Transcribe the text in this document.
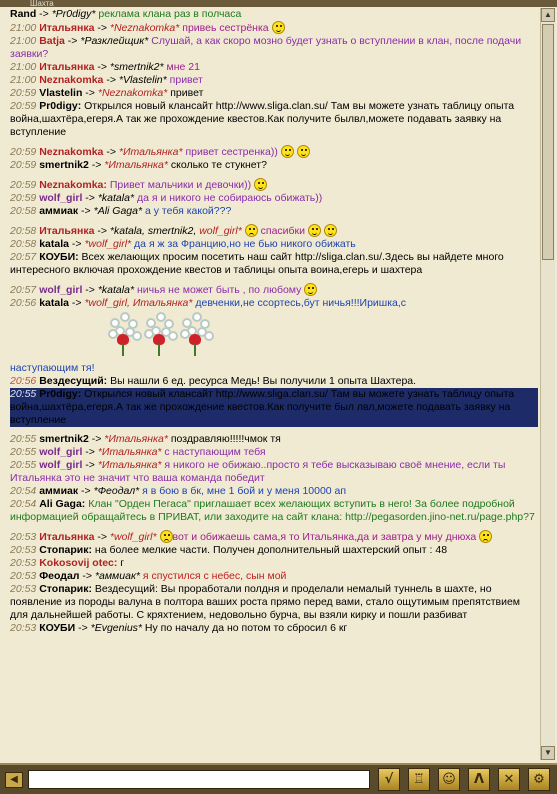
Шахта
Rand -> *Pr0digy* реклама клана раз в полчаса
21:00 Итальянка -> *Neznakomka* привеь сестрёнка
21:00 Batja -> *Разклейщик* Слушай, а как скоро мозно будет узнать о вступлении в клан, после подачи заявки?
21:00 Итальянка -> *smertnik2* мне 21
21:00 Neznakomka -> *Vlastelin* привет
20:59 Vlastelin -> *Neznakomka* привет
20:59 Pr0digy: Открылся новый клансайт http://www.sliga.clan.su/ Там вы можете узнать таблицу опыта война,шахтёра,егеря.А так же прохождение квестов.Как получите былвл,можете подавать заявку на вступление
20:59 Neznakomka -> *Итальянка* привет сестренка))
20:59 smertnik2 -> *Итальянка* сколько те стукнет?
20:59 Neznakomka: Привет мальчики и девочки))
20:59 wolf_girl -> *katala* да я и никого не собираюсь обижать))
20:58 аммиак -> *Ali Gaga* а у тебя какой???
20:58 Итальянка -> *katala, smertnik2, wolf_girl*  спасибки
20:58 katala -> *wolf_girl* да я ж за Францию,но не бью никого обижать
20:57 КОУБИ: Всех желающих просим посетить наш сайт http://sliga.clan.su/.Здесь вы найдете много интересного включая прохождение квестов и таблицы опыта воина,егерь и шахтера
20:57 wolf_girl -> *katala* ничья не может быть , по любому
20:56 katala -> *wolf_girl, Итальянка* девченки,не ссортесь,бут ничья!!!Иришка,с
наступающим тя!
20:56 Вездесущий: Вы нашли 6 ед. ресурса Медь! Вы получили 1 опыта Шахтера.
20:55 Pr0digy: Открылся новый клансайт http://www.sliga.clan.su/ Там вы можете узнать таблицу опыта война,шахтёра,егеря.А так же прохождение квестов.Как получите был лвл,можете подавать заявку на вступление
20:55 smertnik2 -> *Итальянка* поздравляю!!!!!чмок тя
20:55 wolf_girl -> *Итальянка* с наступающим тебя
20:55 wolf_girl -> *Итальянка* я никого не обижаю..просто я тебе высказываю своё мнение, если ты Итальянка это не значит что ваша команда победит
20:54 аммиак -> *Феодал* я в бою в бк, мне 1 бой и у меня 10000 ап
20:54 Ali Gaga: Клан "Орден Пегаса" приглашает всех желающих вступить в него! За более подробной информацией обращайтесь в ПРИВАТ, или заходите на сайт клана: http://pegasorden.jino-net.ru/page.php?7
20:53 Итальянка -> *wolf_girl* вот и обижаешь сама,я то Итальянка,да и завтра у мну днюха
20:53 Стопарик: на более мелкие части. Получен дополнительный шахтерский опыт : 48
20:53 Kokosovij otec: г
20:53 Феодал -> *аммиак* я спустился с небес, сын мой
20:53 Стопарик: Вездесущий: Вы проработали полдня и проделали немалый туннель в шахте, но появление из породы валуна в полтора ваших роста прямо перед вами, стало ощутимым препятствием для дальнейшей работы. С кряхтением, недовольно бурча, вы взяли кирку и пошли разбиват
20:53 КОУБИ -> *Evgenius* Ну по началу да но потом то сбросил 6 кг
▲
▼
◀	√	♖	☺	Λ	✕	⚙
